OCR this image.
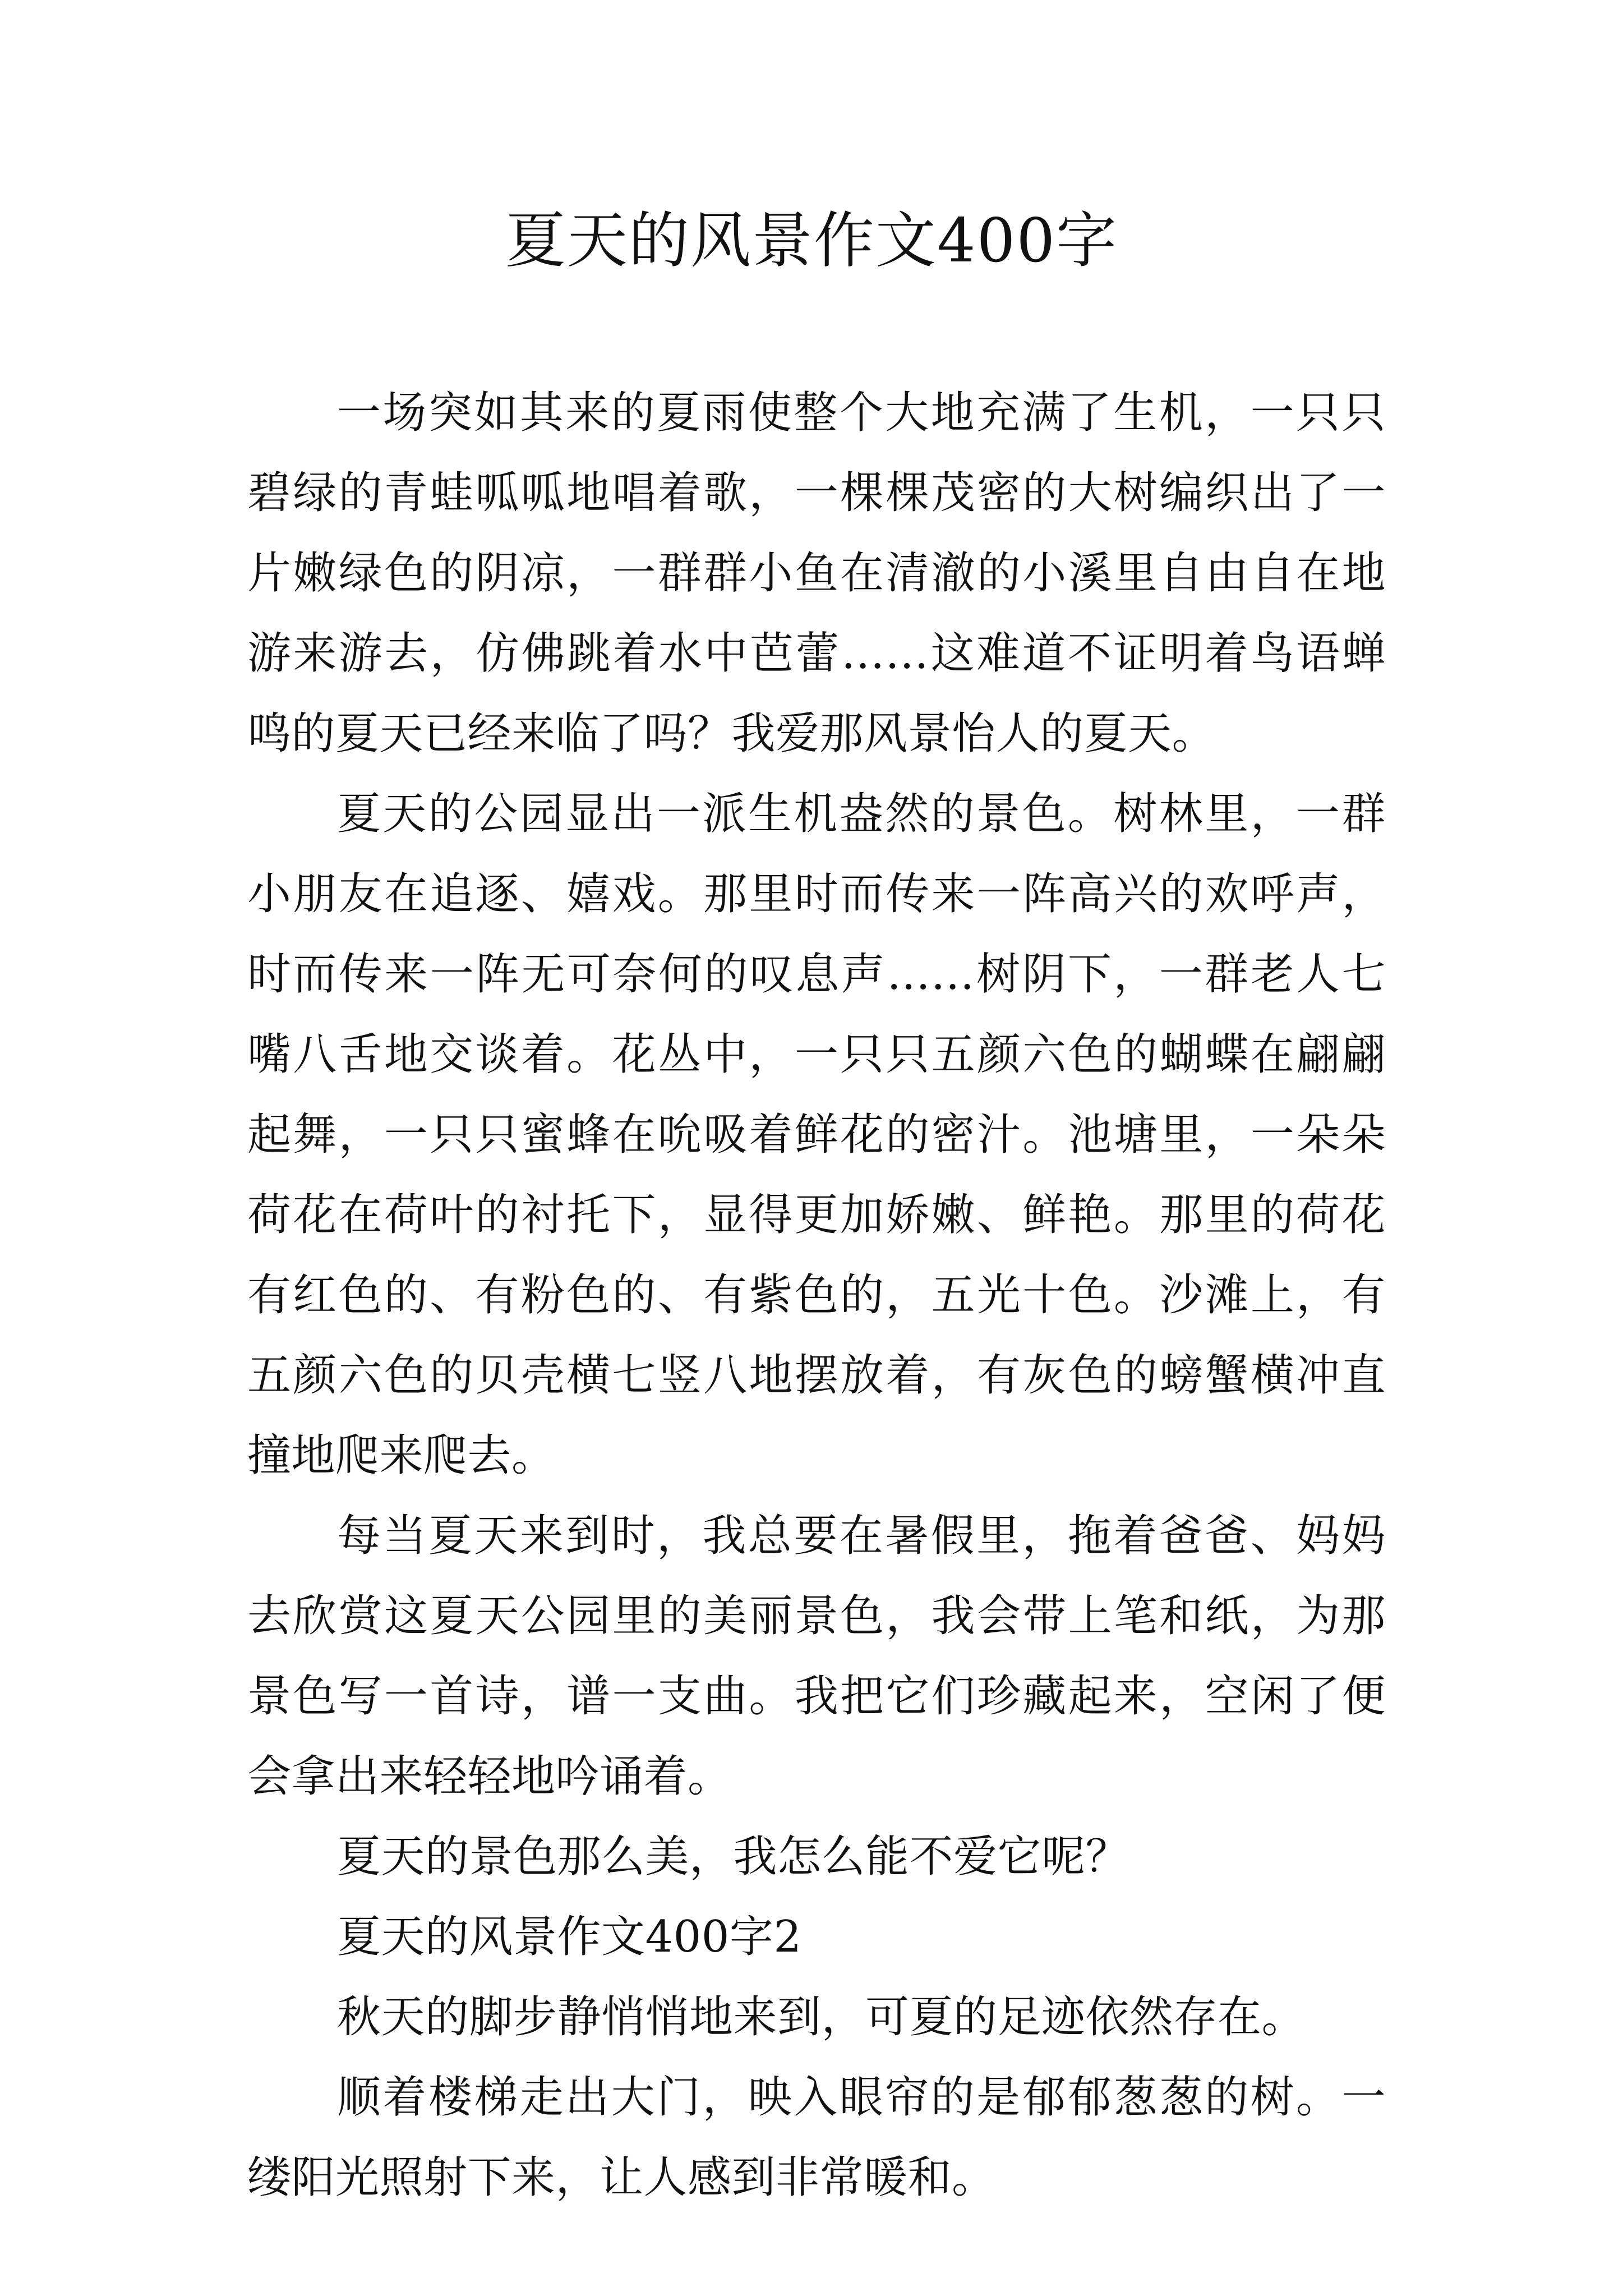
夏天的风景作文400字

一场突如其来的夏雨使整个大地充满了生机，一只只碧绿的青蛙呱呱地唱着歌，一棵棵茂密的大树编织出了一片嫩绿色的阴凉，一群群小鱼在清澈的小溪里自由自在地游来游去，仿佛跳着水中芭蕾……这难道不证明着鸟语蝉鸣的夏天已经来临了吗？我爱那风景怡人的夏天。

夏天的公园显出一派生机盎然的景色。树林里，一群小朋友在追逐、嬉戏。那里时而传来一阵高兴的欢呼声，时而传来一阵无可奈何的叹息声……树阴下，一群老人七嘴八舌地交谈着。花丛中，一只只五颜六色的蝴蝶在翩翩起舞，一只只蜜蜂在吮吸着鲜花的密汁。池塘里，一朵朵荷花在荷叶的衬托下，显得更加娇嫩、鲜艳。那里的荷花有红色的、有粉色的、有紫色的，五光十色。沙滩上，有五颜六色的贝壳横七竖八地摆放着，有灰色的螃蟹横冲直撞地爬来爬去。

每当夏天来到时，我总要在暑假里，拖着爸爸、妈妈去欣赏这夏天公园里的美丽景色，我会带上笔和纸，为那景色写一首诗，谱一支曲。我把它们珍藏起来，空闲了便会拿出来轻轻地吟诵着。

夏天的景色那么美，我怎么能不爱它呢？

夏天的风景作文400字2

秋天的脚步静悄悄地来到，可夏的足迹依然存在。

顺着楼梯走出大门，映入眼帘的是郁郁葱葱的树。一缕阳光照射下来，让人感到非常暖和。
